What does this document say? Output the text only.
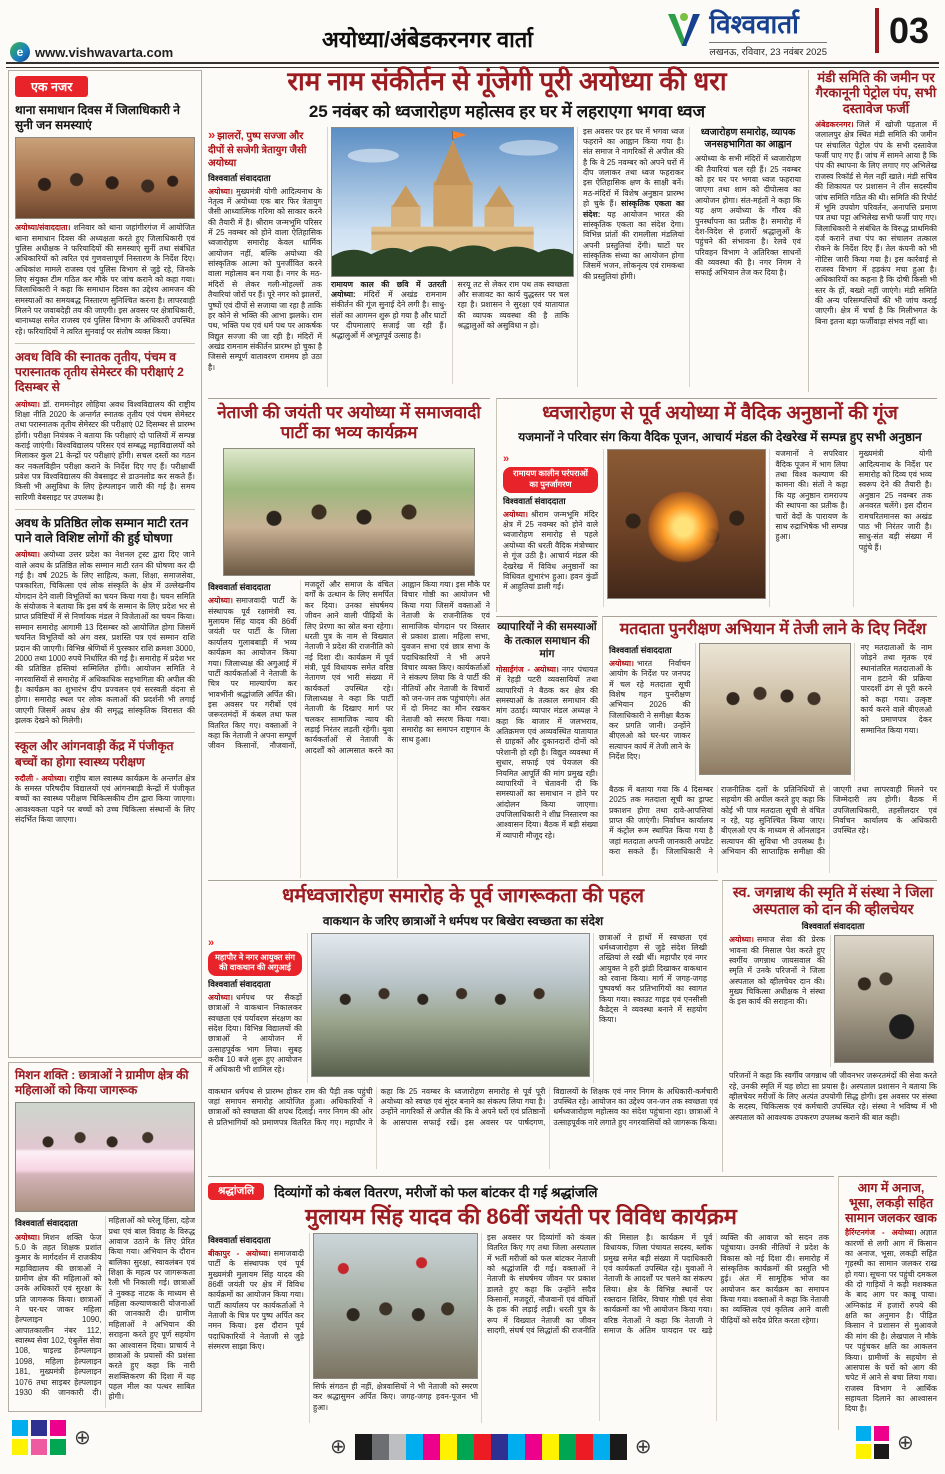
e www.vishwavarta.com	अयोध्या/अंबेडकरनगर वार्ता
विश्ववार्ता
लखनऊ, रविवार, 23 नवंबर 2025
03
एक नजर
थाना समाधान दिवस में जिलाधिकारी ने सुनी जन समस्याएं

अयोध्या/संवाददाता। शनिवार को थाना जहांगीरगंज में आयोजित थाना समाधान दिवस की अध्यक्षता करते हुए जिलाधिकारी एवं पुलिस अधीक्षक ने फरियादियों की समस्याएं सुनीं तथा संबंधित अधिकारियों को त्वरित एवं गुणवत्तापूर्ण निस्तारण के निर्देश दिए। अधिकांश मामले राजस्व एवं पुलिस विभाग से जुड़े रहे, जिनके लिए संयुक्त टीम गठित कर मौके पर जांच कराने को कहा गया। जिलाधिकारी ने कहा कि समाधान दिवस का उद्देश्य आमजन की समस्याओं का समयबद्ध निस्तारण सुनिश्चित करना है। लापरवाही मिलने पर जवाबदेही तय की जाएगी। इस अवसर पर क्षेत्राधिकारी, थानाध्यक्ष समेत राजस्व एवं पुलिस विभाग के अधिकारी उपस्थित रहे। फरियादियों ने त्वरित सुनवाई पर संतोष व्यक्त किया।

अवध विवि की स्नातक तृतीय, पंचम व परास्नातक तृतीय सेमेस्टर की परीक्षाएं 2 दिसम्बर से

अयोध्या। डॉ. राममनोहर लोहिया अवध विश्वविद्यालय की राष्ट्रीय शिक्षा नीति 2020 के अन्तर्गत स्नातक तृतीय एवं पंचम सेमेस्टर तथा परास्नातक तृतीय सेमेस्टर की परीक्षाएं 02 दिसम्बर से प्रारम्भ होंगी। परीक्षा नियंत्रक ने बताया कि परीक्षाएं दो पालियों में सम्पन्न कराई जाएंगी। विश्वविद्यालय परिसर एवं सम्बद्ध महाविद्यालयों को मिलाकर कुल 21 केन्द्रों पर परीक्षाएं होंगी। सचल दस्तों का गठन कर नकलविहीन परीक्षा कराने के निर्देश दिए गए हैं। परीक्षार्थी प्रवेश पत्र विश्वविद्यालय की वेबसाइट से डाउनलोड कर सकते हैं। किसी भी असुविधा के लिए हेल्पलाइन जारी की गई है। समय सारिणी वेबसाइट पर उपलब्ध है।

अवध के प्रतिष्ठित लोक सम्मान माटी रतन पाने वाले विशिष्ट लोगों की हुई घोषणा

अयोध्या। अयोध्या उत्तर प्रदेश का नेशनल ट्रस्ट द्वारा दिए जाने वाले अवध के प्रतिष्ठित लोक सम्मान माटी रतन की घोषणा कर दी गई है। वर्ष 2025 के लिए साहित्य, कला, शिक्षा, समाजसेवा, पत्रकारिता, चिकित्सा एवं लोक संस्कृति के क्षेत्र में उल्लेखनीय योगदान देने वाली विभूतियों का चयन किया गया है। चयन समिति के संयोजक ने बताया कि इस वर्ष के सम्मान के लिए प्रदेश भर से प्राप्त प्रविष्टियों में से निर्णायक मंडल ने विजेताओं का चयन किया। सम्मान समारोह आगामी 13 दिसम्बर को आयोजित होगा जिसमें चयनित विभूतियों को अंग वस्त्र, प्रशस्ति पत्र एवं सम्मान राशि प्रदान की जाएगी। विभिन्न श्रेणियों में पुरस्कार राशि क्रमशः 3000, 2000 तथा 1000 रुपये निर्धारित की गई है। समारोह में प्रदेश भर की प्रतिष्ठित हस्तियां सम्मिलित होंगी। आयोजन समिति ने नगरवासियों से समारोह में अधिकाधिक सहभागिता की अपील की है। कार्यक्रम का शुभारंभ दीप प्रज्वलन एवं सरस्वती वंदना से होगा। समारोह स्थल पर लोक कलाओं की प्रदर्शनी भी लगाई जाएगी जिसमें अवध क्षेत्र की समृद्ध सांस्कृतिक विरासत की झलक देखने को मिलेगी।

स्कूल और आंगनवाड़ी केंद्र में पंजीकृत बच्चों का होगा स्वास्थ्य परीक्षण

रुदौली - अयोध्या। राष्ट्रीय बाल स्वास्थ्य कार्यक्रम के अन्तर्गत क्षेत्र के समस्त परिषदीय विद्यालयों एवं आंगनबाड़ी केन्द्रों में पंजीकृत बच्चों का स्वास्थ्य परीक्षण चिकित्सकीय टीम द्वारा किया जाएगा। आवश्यकता पड़ने पर बच्चों को उच्च चिकित्सा संस्थानों के लिए संदर्भित किया जाएगा।

मिशन शक्ति : छात्राओं ने ग्रामीण क्षेत्र की महिलाओं को किया जागरूक
विश्ववार्ता संवाददाता

अयोध्या। मिशन शक्ति फेज 5.0 के तहत शिक्षक प्रशांत कुमार के मार्गदर्शन में राजकीय महाविद्यालय की छात्राओं ने ग्रामीण क्षेत्र की महिलाओं को उनके अधिकारों एवं सुरक्षा के प्रति जागरूक किया। छात्राओं ने घर-घर जाकर महिला हेल्पलाइन 1090, आपातकालीन नंबर 112, स्वास्थ्य सेवा 102, एंबुलेंस सेवा 108, चाइल्ड हेल्पलाइन 1098, महिला हेल्पलाइन 181, मुख्यमंत्री हेल्पलाइन 1076 तथा साइबर हेल्पलाइन 1930 की जानकारी दी। महिलाओं को घरेलू हिंसा, दहेज प्रथा एवं बाल विवाह के विरुद्ध आवाज उठाने के लिए प्रेरित किया गया। अभियान के दौरान बालिका सुरक्षा, स्वावलंबन एवं शिक्षा के महत्व पर जागरूकता रैली भी निकाली गई। छात्राओं ने नुक्कड़ नाटक के माध्यम से महिला कल्याणकारी योजनाओं की जानकारी दी। ग्रामीण महिलाओं ने अभियान की सराहना करते हुए पूर्ण सहयोग का आश्वासन दिया। प्राचार्य ने छात्राओं के प्रयासों की प्रशंसा करते हुए कहा कि नारी सशक्तिकरण की दिशा में यह पहल मील का पत्थर साबित होगी।

राम नाम संकीर्तन से गूंजेगी पूरी अयोध्या की धरा
25 नवंबर को ध्वजारोहण महोत्सव हर घर में लहराएगा भगवा ध्वज
» झालरों, पुष्प सज्जा और दीपों से सजेगी त्रेतायुग जैसी अयोध्या
विश्ववार्ता संवाददाता

अयोध्या। मुख्यमंत्री योगी आदित्यनाथ के नेतृत्व में अयोध्या एक बार फिर त्रेतायुग जैसी आध्यात्मिक गरिमा को साकार करने की तैयारी में है। श्रीराम जन्मभूमि परिसर में 25 नवम्बर को होने वाला ऐतिहासिक ध्वजारोहण समारोह केवल धार्मिक आयोजन नहीं, बल्कि अयोध्या की सांस्कृतिक आत्मा को पुनर्जीवित करने वाला महोत्सव बन गया है। नगर के मठ-मंदिरों से लेकर गली-मोहल्लों तक तैयारियां जोरों पर हैं। पूरे नगर को झालरों, पुष्पों एवं दीपों से सजाया जा रहा है ताकि हर कोने से भक्ति की आभा झलके। राम पथ, भक्ति पथ एवं धर्म पथ पर आकर्षक विद्युत सज्जा की जा रही है। मंदिरों में अखंड रामनाम संकीर्तन प्रारम्भ हो चुका है जिससे सम्पूर्ण वातावरण राममय हो उठा है।

रामायण काल की छवि में उतरती अयोध्या: मंदिरों में अखंड रामनाम संकीर्तन की गूंज सुनाई देने लगी है। साधु-संतों का आगमन शुरू हो गया है और घाटों पर दीपमालाएं सजाई जा रही हैं। श्रद्धालुओं में अभूतपूर्व उत्साह है।

सरयू तट से लेकर राम पथ तक स्वच्छता और सजावट का कार्य युद्धस्तर पर चल रहा है। प्रशासन ने सुरक्षा एवं यातायात की व्यापक व्यवस्था की है ताकि श्रद्धालुओं को असुविधा न हो।

इस अवसर पर हर घर में भगवा ध्वज फहराने का आह्वान किया गया है। संत समाज ने नागरिकों से अपील की है कि वे 25 नवम्बर को अपने घरों में दीप जलाकर तथा ध्वज फहराकर इस ऐतिहासिक क्षण के साक्षी बनें। मठ-मंदिरों में विशेष अनुष्ठान प्रारम्भ हो चुके हैं। सांस्कृतिक एकता का संदेश: यह आयोजन भारत की सांस्कृतिक एकता का संदेश देगा। विभिन्न प्रांतों की रामलीला मंडलियां अपनी प्रस्तुतियां देंगी। घाटों पर सांस्कृतिक संध्या का आयोजन होगा जिसमें भजन, लोकनृत्य एवं रामकथा की प्रस्तुतियां होंगी।

ध्वजारोहण समारोह, व्यापक जनसहभागिता का आह्वान

अयोध्या के सभी मंदिरों में ध्वजारोहण की तैयारियां चल रही हैं। 25 नवम्बर को हर घर पर भगवा ध्वज फहराया जाएगा तथा शाम को दीपोत्सव का आयोजन होगा। संत-महंतों ने कहा कि यह क्षण अयोध्या के गौरव की पुनर्स्थापना का प्रतीक है। समारोह में देश-विदेश से हजारों श्रद्धालुओं के पहुंचने की संभावना है। रेलवे एवं परिवहन विभाग ने अतिरिक्त साधनों की व्यवस्था की है। नगर निगम ने सफाई अभियान तेज कर दिया है।

मंडी समिति की जमीन पर गैरकानूनी पेट्रोल पंप, सभी दस्तावेज फर्जी

अंबेडकरनगर। जिले में खोजी पड़ताल में जलालपुर क्षेत्र स्थित मंडी समिति की जमीन पर संचालित पेट्रोल पंप के सभी दस्तावेज फर्जी पाए गए हैं। जांच में सामने आया है कि पंप की स्थापना के लिए लगाए गए अभिलेख राजस्व रिकॉर्ड से मेल नहीं खाते। मंडी सचिव की शिकायत पर प्रशासन ने तीन सदस्यीय जांच समिति गठित की थी। समिति की रिपोर्ट में भूमि उपयोग परिवर्तन, अनापत्ति प्रमाण पत्र तथा पट्टा अभिलेख सभी फर्जी पाए गए। जिलाधिकारी ने संबंधित के विरुद्ध प्राथमिकी दर्ज कराने तथा पंप का संचालन तत्काल रोकने के निर्देश दिए हैं। तेल कंपनी को भी नोटिस जारी किया गया है। इस कार्रवाई से राजस्व विभाग में हड़कंप मचा हुआ है। अधिकारियों का कहना है कि दोषी किसी भी स्तर के हों, बख्शे नहीं जाएंगे। मंडी समिति की अन्य परिसम्पत्तियों की भी जांच कराई जाएगी। क्षेत्र में चर्चा है कि मिलीभगत के बिना इतना बड़ा फर्जीवाड़ा संभव नहीं था।

नेताजी की जयंती पर अयोध्या में समाजवादी पार्टी का भव्य कार्यक्रम
विश्ववार्ता संवाददाता

अयोध्या। समाजवादी पार्टी के संस्थापक पूर्व रक्षामंत्री स्व. मुलायम सिंह यादव की 86वीं जयंती पर पार्टी के जिला कार्यालय गुलाबबाड़ी में भव्य कार्यक्रम का आयोजन किया गया। जिलाध्यक्ष की अगुआई में पार्टी कार्यकर्ताओं ने नेताजी के चित्र पर माल्यार्पण कर भावभीनी श्रद्धांजलि अर्पित की। इस अवसर पर गरीबों एवं जरूरतमंदों में कंबल तथा फल वितरित किए गए। वक्ताओं ने कहा कि नेताजी ने अपना सम्पूर्ण जीवन किसानों, नौजवानों, मजदूरों और समाज के वंचित वर्गों के उत्थान के लिए समर्पित कर दिया। उनका संघर्षमय जीवन आने वाली पीढ़ियों के लिए प्रेरणा का स्रोत बना रहेगा। धरती पुत्र के नाम से विख्यात नेताजी ने प्रदेश की राजनीति को नई दिशा दी। कार्यक्रम में पूर्व मंत्री, पूर्व विधायक समेत वरिष्ठ नेतागण एवं भारी संख्या में कार्यकर्ता उपस्थित रहे। जिलाध्यक्ष ने कहा कि पार्टी नेताजी के दिखाए मार्ग पर चलकर सामाजिक न्याय की लड़ाई निरंतर लड़ती रहेगी। युवा कार्यकर्ताओं से नेताजी के आदर्शों को आत्मसात करने का आह्वान किया गया। इस मौके पर विचार गोष्ठी का आयोजन भी किया गया जिसमें वक्ताओं ने नेताजी के राजनीतिक एवं सामाजिक योगदान पर विस्तार से प्रकाश डाला। महिला सभा, युवजन सभा एवं छात्र सभा के पदाधिकारियों ने भी अपने विचार व्यक्त किए। कार्यकर्ताओं ने संकल्प लिया कि वे पार्टी की नीतियों और नेताजी के विचारों को जन-जन तक पहुंचाएंगे। अंत में दो मिनट का मौन रखकर नेताजी को स्मरण किया गया। समारोह का समापन राष्ट्रगान के साथ हुआ।

ध्वजारोहण से पूर्व अयोध्या में वैदिक अनुष्ठानों की गूंज
यजमानों ने परिवार संग किया वैदिक पूजन, आचार्य मंडल की देखरेख में सम्पन्न हुए सभी अनुष्ठान
»रामायण कालीन परंपराओं का पुनर्जागरण
विश्ववार्ता संवाददाता

अयोध्या। श्रीराम जन्मभूमि मंदिर क्षेत्र में 25 नवम्बर को होने वाले ध्वजारोहण समारोह से पहले अयोध्या की धरती वैदिक मंत्रोच्चार से गूंज उठी है। आचार्य मंडल की देखरेख में विविध अनुष्ठानों का विधिवत शु्भारंभ हुआ। हवन कुंडों में आहुतियां डाली गईं।

यजमानों ने सपरिवार वैदिक पूजन में भाग लिया तथा विश्व कल्याण की कामना की। संतों ने कहा कि यह अनुष्ठान रामराज्य की स्थापना का प्रतीक है। चारों वेदों के पारायण के साथ रुद्राभिषेक भी सम्पन्न हुआ।

मुख्यमंत्री योगी आदित्यनाथ के निर्देश पर समारोह को दिव्य एवं भव्य स्वरूप देने की तैयारी है। अनुष्ठान 25 नवम्बर तक अनवरत चलेंगे। इस दौरान रामचरितमानस का अखंड पाठ भी निरंतर जारी है। साधु-संत बड़ी संख्या में पहुंचे हैं।

व्यापारियों ने की समस्याओं के तत्काल समाधान की मांग

गोसाईगंज - अयोध्या। नगर पंचायत में रेहड़ी पटरी व्यवसायियों तथा व्यापारियों ने बैठक कर क्षेत्र की समस्याओं के तत्काल समाधान की मांग उठाई। व्यापार मंडल अध्यक्ष ने कहा कि बाजार में जलभराव, अतिक्रमण एवं अव्यवस्थित यातायात से ग्राहकों और दुकानदारों दोनों को परेशानी हो रही है। विद्युत व्यवस्था में सुधार, सफाई एवं पेयजल की नियमित आपूर्ति की मांग प्रमुख रही। व्यापारियों ने चेतावनी दी कि समस्याओं का समाधान न होने पर आंदोलन किया जाएगा। उपजिलाधिकारी ने शीघ्र निस्तारण का आश्वासन दिया। बैठक में बड़ी संख्या में व्यापारी मौजूद रहे।

मतदाता पुनरीक्षण अभियान में तेजी लाने के दिए निर्देश
विश्ववार्ता संवाददाता

अयोध्या। भारत निर्वाचन आयोग के निर्देश पर जनपद में चल रहे मतदाता सूची विशेष गहन पुनरीक्षण अभियान 2026 की जिलाधिकारी ने समीक्षा बैठक कर प्रगति जानी। उन्होंने बीएलओ को घर-घर जाकर सत्यापन कार्य में तेजी लाने के निर्देश दिए।

नए मतदाताओं के नाम जोड़ने तथा मृतक एवं स्थानांतरित मतदाताओं के नाम हटाने की प्रक्रिया पारदर्शी ढंग से पूरी करने को कहा गया। उत्कृष्ट कार्य करने वाले बीएलओ को प्रमाणपत्र देकर सम्मानित किया गया।

बैठक में बताया गया कि 4 दिसम्बर 2025 तक मतदाता सूची का ड्राफ्ट प्रकाशन होगा तथा दावे-आपत्तियां प्राप्त की जाएंगी। निर्वाचन कार्यालय में कंट्रोल रूम स्थापित किया गया है जहां मतदाता अपनी जानकारी अपडेट करा सकते हैं। जिलाधिकारी ने राजनीतिक दलों के प्रतिनिधियों से सहयोग की अपील करते हुए कहा कि कोई भी पात्र मतदाता सूची से वंचित न रहे, यह सुनिश्चित किया जाए। बीएलओ एप के माध्यम से ऑनलाइन सत्यापन की सुविधा भी उपलब्ध है। अभियान की साप्ताहिक समीक्षा की जाएगी तथा लापरवाही मिलने पर जिम्मेदारी तय होगी। बैठक में उपजिलाधिकारी, तहसीलदार एवं निर्वाचन कार्यालय के अधिकारी उपस्थित रहे।

धर्मध्वजारोहण समारोह के पूर्व जागरूकता की पहल
वाकथान के जरिए छात्राओं ने धर्मपथ पर बिखेरा स्वच्छता का संदेश
»महापौर ने नगर आयुक्त संग की वाकथान की अगुआई
विश्ववार्ता संवाददाता

अयोध्या। धर्मपथ पर सैकड़ों छात्राओं ने वाकथान निकालकर स्वच्छता एवं पर्यावरण संरक्षण का संदेश दिया। विभिन्न विद्यालयों की छात्राओं ने आयोजन में उत्साहपूर्वक भाग लिया। सुबह करीब 10 बजे शुरू हुए आयोजन में अधिकारी भी शामिल रहे।

छात्राओं ने हाथों में स्वच्छता एवं धर्मध्वजारोहण से जुड़े संदेश लिखी तख्तियां ले रखी थीं। महापौर एवं नगर आयुक्त ने हरी झंडी दिखाकर वाकथान को रवाना किया। मार्ग में जगह-जगह पुष्पवर्षा कर प्रतिभागियों का स्वागत किया गया। स्काउट गाइड एवं एनसीसी कैडेट्स ने व्यवस्था बनाने में सहयोग किया।

वाकथान धर्मपथ से प्रारम्भ होकर राम की पैड़ी तक पहुंची जहां समापन समारोह आयोजित हुआ। अधिकारियों ने छात्राओं को स्वच्छता की शपथ दिलाई। नगर निगम की ओर से प्रतिभागियों को प्रमाणपत्र वितरित किए गए। महापौर ने कहा कि 25 नवम्बर के ध्वजारोहण समारोह से पूर्व पूरी अयोध्या को स्वच्छ एवं सुंदर बनाने का संकल्प लिया गया है। उन्होंने नागरिकों से अपील की कि वे अपने घरों एवं प्रतिष्ठानों के आसपास सफाई रखें। इस अवसर पर पार्षदगण, विद्यालयों के शिक्षक एवं नगर निगम के अधिकारी-कर्मचारी उपस्थित रहे। आयोजन का उद्देश्य जन-जन तक स्वच्छता एवं धर्मध्वजारोहण महोत्सव का संदेश पहुंचाना रहा। छात्राओं ने उत्साहपूर्वक नारे लगाते हुए नगरवासियों को जागरूक किया।

स्व. जगन्नाथ की स्मृति में संस्था ने जिला अस्पताल को दान की व्हीलचेयर
विश्ववार्ता संवाददाता

अयोध्या। समाज सेवा की प्रेरक भावना की मिसाल पेश करते हुए स्वर्गीय जगन्नाथ जायसवाल की स्मृति में उनके परिजनों ने जिला अस्पताल को व्हीलचेयर दान की। मुख्य चिकित्सा अधीक्षक ने संस्था के इस कार्य की सराहना की।

परिजनों ने कहा कि स्वर्गीय जगन्नाथ जी जीवनभर जरूरतमंदों की सेवा करते रहे, उनकी स्मृति में यह छोटा सा प्रयास है। अस्पताल प्रशासन ने बताया कि व्हीलचेयर मरीजों के लिए अत्यंत उपयोगी सिद्ध होगी। इस अवसर पर संस्था के सदस्य, चिकित्सक एवं कर्मचारी उपस्थित रहे। संस्था ने भविष्य में भी अस्पताल को आवश्यक उपकरण उपलब्ध कराने की बात कही।

श्रद्धांजलि	दिव्यांगों को कंबल वितरण, मरीजों को फल बांटकर दी गई श्रद्धांजलि
मुलायम सिंह यादव की 86वीं जयंती पर विविध कार्यक्रम
विश्ववार्ता संवाददाता

बीकापुर - अयोध्या। समाजवादी पार्टी के संस्थापक एवं पूर्व मुख्यमंत्री मुलायम सिंह यादव की 86वीं जयंती पर क्षेत्र में विविध कार्यक्रमों का आयोजन किया गया। पार्टी कार्यालय पर कार्यकर्ताओं ने नेताजी के चित्र पर पुष्प अर्पित कर नमन किया। इस दौरान पूर्व पदाधिकारियों ने नेताजी से जुड़े संस्मरण साझा किए।

सिर्फ संगठन ही नहीं, क्षेत्रवासियों ने भी नेताजी को स्मरण कर श्रद्धासुमन अर्पित किए। जगह-जगह हवन-पूजन भी हुआ।

इस अवसर पर दिव्यांगों को कंबल वितरित किए गए तथा जिला अस्पताल में भर्ती मरीजों को फल बांटकर नेताजी को श्रद्धांजलि दी गई। वक्ताओं ने नेताजी के संघर्षमय जीवन पर प्रकाश डालते हुए कहा कि उन्होंने सदैव किसानों, मजदूरों, नौजवानों एवं वंचितों के हक की लड़ाई लड़ी। धरती पुत्र के रूप में विख्यात नेताजी का जीवन सादगी, संघर्ष एवं सिद्धांतों की राजनीति की मिसाल है। कार्यक्रम में पूर्व विधायक, जिला पंचायत सदस्य, ब्लॉक प्रमुख समेत बड़ी संख्या में पदाधिकारी एवं कार्यकर्ता उपस्थित रहे। युवाओं ने नेताजी के आदर्शों पर चलने का संकल्प लिया। क्षेत्र के विभिन्न स्थानों पर रक्तदान शिविर, विचार गोष्ठी एवं सेवा कार्यक्रमों का भी आयोजन किया गया। वरिष्ठ नेताओं ने कहा कि नेताजी ने समाज के अंतिम पायदान पर खड़े व्यक्ति की आवाज को सदन तक पहुंचाया। उनकी नीतियों ने प्रदेश के विकास को नई दिशा दी। समारोह में सांस्कृतिक कार्यक्रमों की प्रस्तुति भी हुई। अंत में सामूहिक भोज का आयोजन कर कार्यक्रम का समापन किया गया। वक्ताओं ने कहा कि नेताजी का व्यक्तित्व एवं कृतित्व आने वाली पीढ़ियों को सदैव प्रेरित करता रहेगा।

आग में अनाज, भूसा, लकड़ी सहित सामान जलकर खाक

हैरिंग्टनगंज - अयोध्या। अज्ञात कारणों से लगी आग में किसान का अनाज, भूसा, लकड़ी सहित गृहस्थी का सामान जलकर राख हो गया। सूचना पर पहुंची दमकल की दो गाड़ियों ने कड़ी मशक्कत के बाद आग पर काबू पाया। अग्निकांड में हजारों रुपये की क्षति का अनुमान है। पीड़ित किसान ने प्रशासन से मुआवजे की मांग की है। लेखपाल ने मौके पर पहुंचकर क्षति का आकलन किया। ग्रामीणों के सहयोग से आसपास के घरों को आग की चपेट में आने से बचा लिया गया। राजस्व विभाग ने आर्थिक सहायता दिलाने का आश्वासन दिया है।

⊕	⊕	⊕	⊕
